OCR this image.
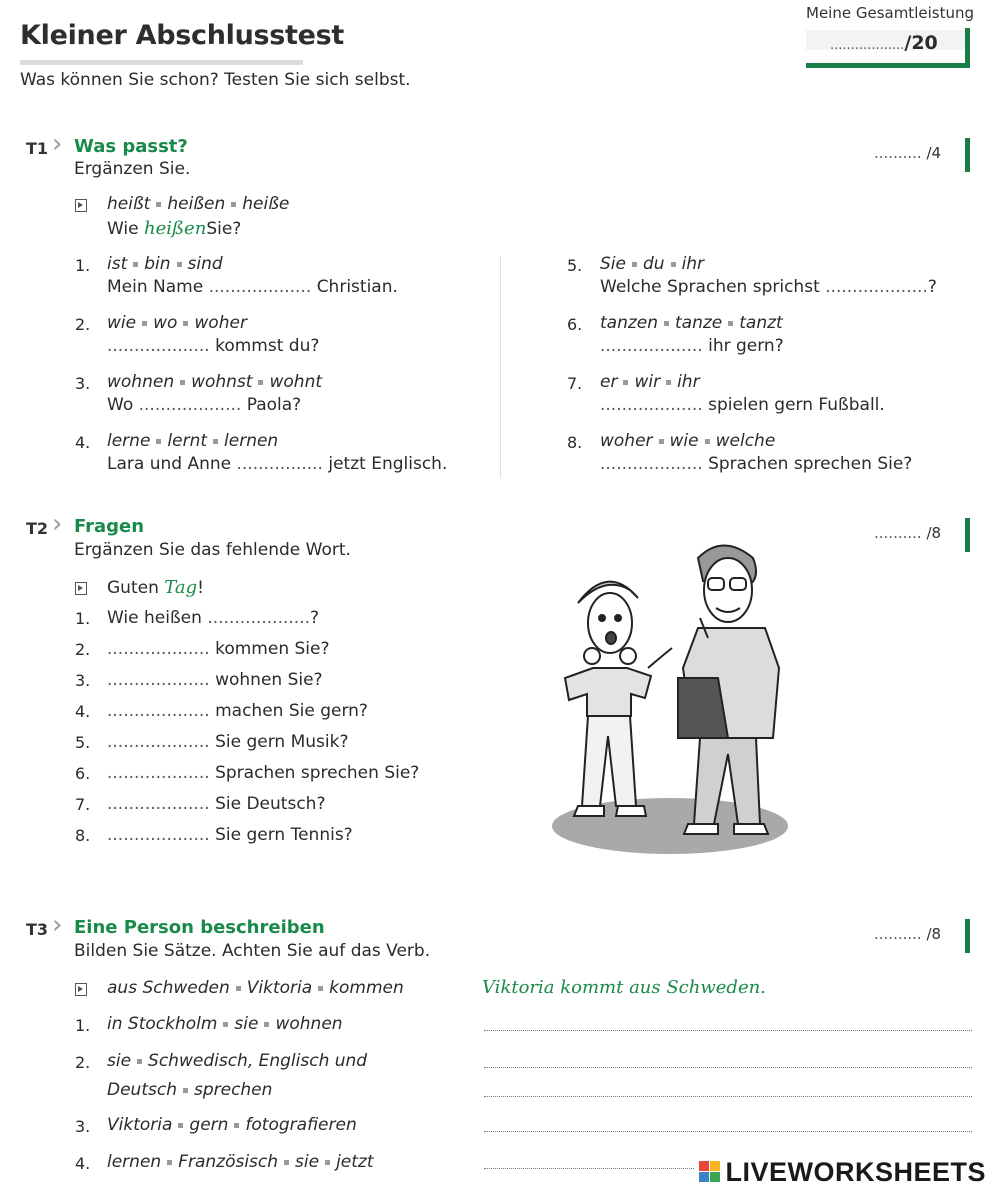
Kleiner Abschlusstest
Was können Sie schon? Testen Sie sich selbst.
Meine Gesamtleistung
................../20
T1 › Was passt?
Ergänzen Sie.
.......... /4
heißt heißen heiße
Wie heißenSie?
1. ist bin sind
Mein Name ................... Christian.
2. wie wo woher
................... kommst du?
3. wohnen wohnst wohnt
Wo ................... Paola?
4. lerne lernt lernen
Lara und Anne ................ jetzt Englisch.
5. Sie du ihr
Welche Sprachen sprichst ...................?
6. tanzen tanze tanzt
................... ihr gern?
7. er wir ihr
................... spielen gern Fußball.
8. woher wie welche
................... Sprachen sprechen Sie?
T2 › Fragen
Ergänzen Sie das fehlende Wort.
.......... /8
Guten Tag!
1. Wie heißen ...................?
2. ................... kommen Sie?
3. ................... wohnen Sie?
4. ................... machen Sie gern?
5. ................... Sie gern Musik?
6. ................... Sprachen sprechen Sie?
7. ................... Sie Deutsch?
8. ................... Sie gern Tennis?
T3 › Eine Person beschreiben
Bilden Sie Sätze. Achten Sie auf das Verb.
.......... /8
aus Schweden Viktoria kommen	Viktoria kommt aus Schweden.
1. in Stockholm sie wohnen
2. sie Schwedisch, Englisch und
Deutsch sprechen
3. Viktoria gern fotografieren
4. lernen Französisch sie jetzt	LIVEWORKSHEETS
